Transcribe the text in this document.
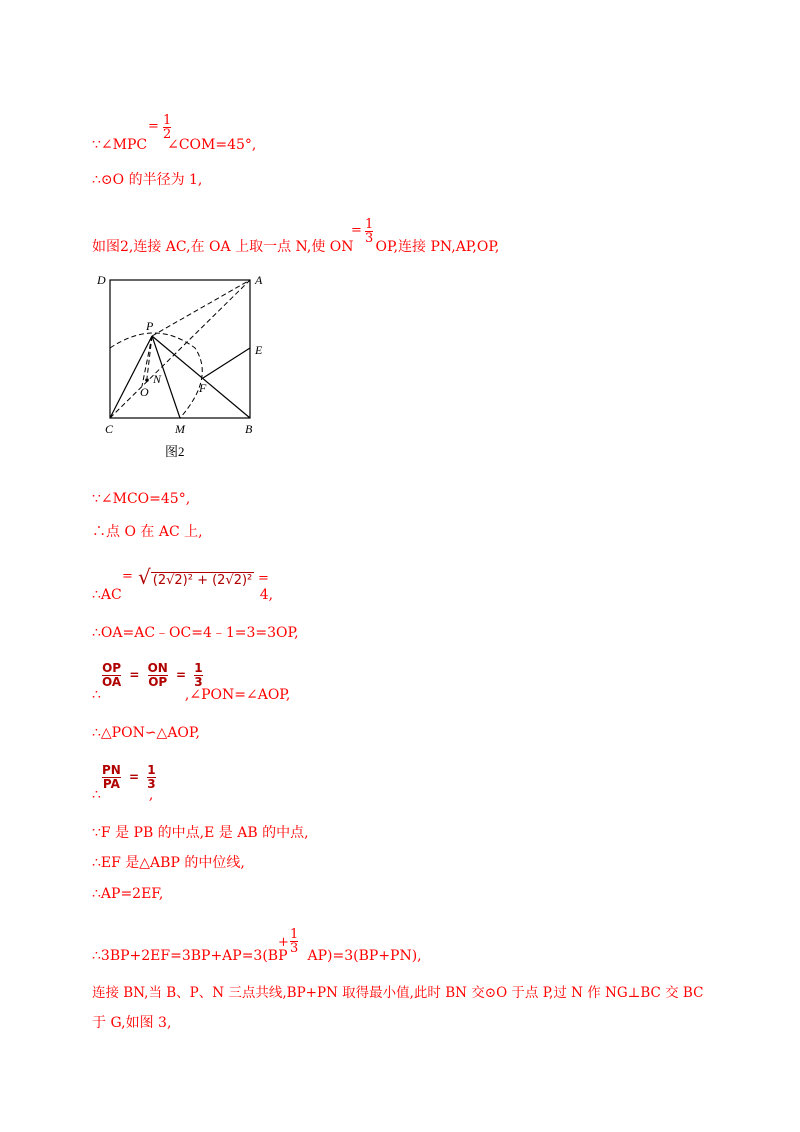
= $\frac{1}{2}$
∵∠MPC ∠COM=45°,
∴⊙O 的半径为 1,
$\frac{1}{3}$
=
如图2,连接 AC,在 OA 上取一点 N,使 ON OP,连接 PN,AP,OP,
D	A
P
E
N
O	F
C	M	B
图2
∵∠MCO=45°,
∴点 O 在 AC 上,
= √ (2√2)² + (2√2)² =
∴AC	4,
∴OA=AC﹣OC=4﹣1=3=3OP,
$\frac{OP}{OA} = \frac{ON}{OP} = \frac{1}{3}$
∴	,∠PON=∠AOP,
∴△PON∽△AOP,
$\frac{PN}{PA} = \frac{1}{3}$
∴	,
∵F 是 PB 的中点,E 是 AB 的中点,
∴EF 是△ABP 的中位线,
∴AP=2EF,
+ $\frac{1}{3}$
∴3BP+2EF=3BP+AP=3(BP AP)=3(BP+PN),
连接 BN,当 B、P、N 三点共线,BP+PN 取得最小值,此时 BN 交⊙O 于点 P,过 N 作 NG⊥BC 交 BC
于 G,如图 3,
